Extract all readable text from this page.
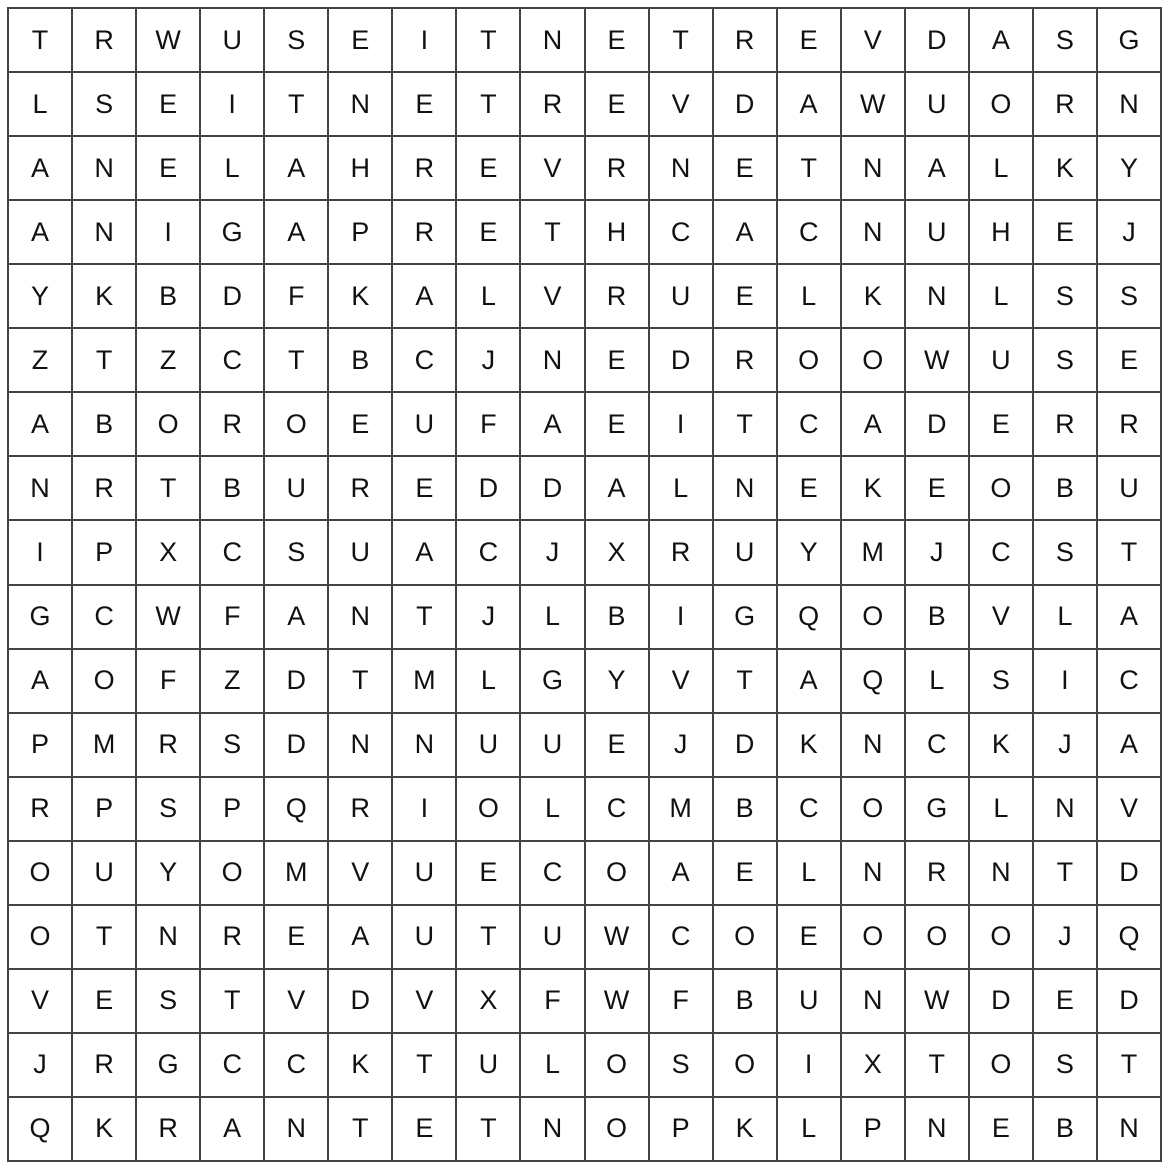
T	R	W	U	S	E	I	T	N	E	T	R	E	V	D	A	S	G
L	S	E	I	T	N	E	T	R	E	V	D	A	W	U	O	R	N
A	N	E	L	A	H	R	E	V	R	N	E	T	N	A	L	K	Y
A	N	I	G	A	P	R	E	T	H	C	A	C	N	U	H	E	J
Y	K	B	D	F	K	A	L	V	R	U	E	L	K	N	L	S	S
Z	T	Z	C	T	B	C	J	N	E	D	R	O	O	W	U	S	E
A	B	O	R	O	E	U	F	A	E	I	T	C	A	D	E	R	R
N	R	T	B	U	R	E	D	D	A	L	N	E	K	E	O	B	U
I	P	X	C	S	U	A	C	J	X	R	U	Y	M	J	C	S	T
G	C	W	F	A	N	T	J	L	B	I	G	Q	O	B	V	L	A
A	O	F	Z	D	T	M	L	G	Y	V	T	A	Q	L	S	I	C
P	M	R	S	D	N	N	U	U	E	J	D	K	N	C	K	J	A
R	P	S	P	Q	R	I	O	L	C	M	B	C	O	G	L	N	V
O	U	Y	O	M	V	U	E	C	O	A	E	L	N	R	N	T	D
O	T	N	R	E	A	U	T	U	W	C	O	E	O	O	O	J	Q
V	E	S	T	V	D	V	X	F	W	F	B	U	N	W	D	E	D
J	R	G	C	C	K	T	U	L	O	S	O	I	X	T	O	S	T
Q	K	R	A	N	T	E	T	N	O	P	K	L	P	N	E	B	N
